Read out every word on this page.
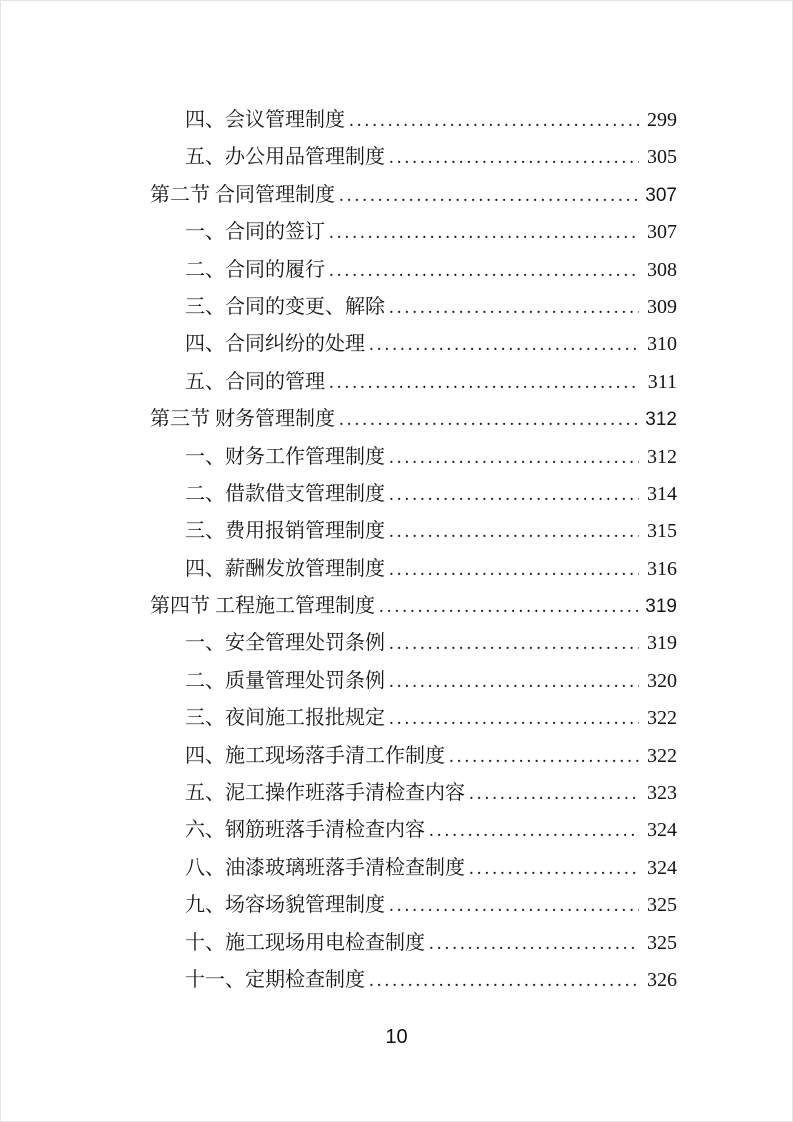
四、会议管理制度 .....	299
五、办公用品管理制度 .....	305
第二节 合同管理制度 .....	307
一、合同的签订 .....	307
二、合同的履行 .....	308
三、合同的变更、解除 .....	309
四、合同纠纷的处理 .....	310
五、合同的管理 .....	311
第三节 财务管理制度 .....	312
一、财务工作管理制度 .....	312
二、借款借支管理制度 .....	314
三、费用报销管理制度 .....	315
四、薪酬发放管理制度 .....	316
第四节 工程施工管理制度 .....	319
一、安全管理处罚条例 .....	319
二、质量管理处罚条例 .....	320
三、夜间施工报批规定 .....	322
四、施工现场落手清工作制度 .....	322
五、泥工操作班落手清检查内容 .....	323
六、钢筋班落手清检查内容 .....	324
八、油漆玻璃班落手清检查制度 .....	324
九、场容场貌管理制度 .....	325
十、施工现场用电检查制度 .....	325
十一、定期检查制度 .....	326
10
